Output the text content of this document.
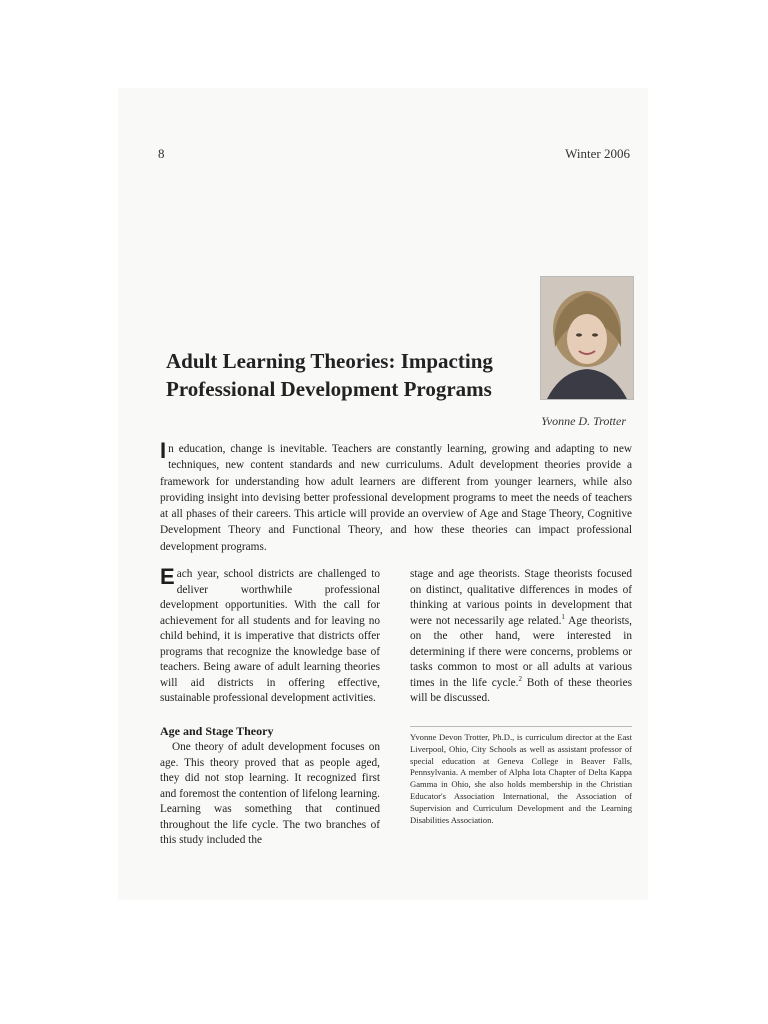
8	Winter 2006
Adult Learning Theories: Impacting Professional Development Programs
Yvonne D. Trotter

In education, change is inevitable. Teachers are constantly learning, growing and adapting to new techniques, new content standards and new curriculums. Adult development theories provide a framework for understanding how adult learners are different from younger learners, while also providing insight into devising better professional development programs to meet the needs of teachers at all phases of their careers. This article will provide an overview of Age and Stage Theory, Cognitive Development Theory and Functional Theory, and how these theories can impact professional development programs.

Each year, school districts are challenged to deliver worthwhile professional development opportunities. With the call for achievement for all students and for leaving no child behind, it is imperative that districts offer programs that recognize the knowledge base of teachers. Being aware of adult learning theories will aid districts in offering effective, sustainable professional development activities.

Age and Stage Theory

One theory of adult development focuses on age. This theory proved that as people aged, they did not stop learning. It recognized first and foremost the contention of lifelong learning. Learning was something that continued throughout the life cycle. The two branches of this study included the

stage and age theorists. Stage theorists focused on distinct, qualitative differences in modes of thinking at various points in development that were not necessarily age related.$^1$ Age theorists, on the other hand, were interested in determining if there were concerns, problems or tasks common to most or all adults at various times in the life cycle.$^2$ Both of these theories will be discussed.

Yvonne Devon Trotter, Ph.D., is curriculum director at the East Liverpool, Ohio, City Schools as well as assistant professor of special education at Geneva College in Beaver Falls, Pennsylvania. A member of Alpha Iota Chapter of Delta Kappa Gamma in Ohio, she also holds membership in the Christian Educator's Association International, the Association of Supervision and Curriculum Development and the Learning Disabilities Association.
